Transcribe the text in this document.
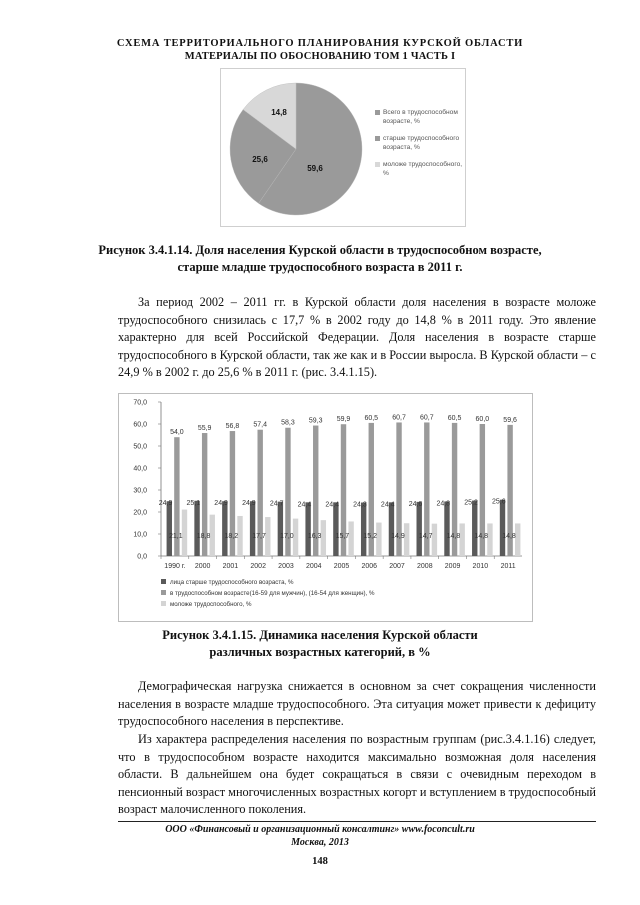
СХЕМА ТЕРРИТОРИАЛЬНОГО ПЛАНИРОВАНИЯ КУРСКОЙ ОБЛАСТИ
МАТЕРИАЛЫ ПО ОБОСНОВАНИЮ ТОМ 1 ЧАСТЬ I
59,6
25,6
14,8	Всего в трудоспособном возрасте, %
старше трудоспособного возраста, %
моложе трудоспособного, %
Рисунок 3.4.1.14. Доля населения Курской области в трудоспособном возрасте,
старше младше трудоспособного возраста в 2011 г.
За период 2002 – 2011 гг. в Курской области доля населения в возрасте моложе трудоспособного снизилась с 17,7 % в 2002 году до 14,8 % в 2011 году. Это явление характерно для всей Российской Федерации. Доля населения в возрасте старше трудоспособного в Курской области, так же как и в России выросла. В Курской области – с 24,9 % в 2002 г. до 25,6 % в 2011 г. (рис. 3.4.1.15).
0,0
10,0
20,0
30,0
40,0
50,0
60,0
70,0
1990 г. 2000 2001 2002 2003 2004 2005 2006 2007 2008 2009 2010 2011
24,9
54,0
21,1
25,1
55,9
18,8
24,9
56,8
18,2
24,9
57,4
17,7
24,7
58,3
17,0
24,4
59,3
16,3
24,4
59,9
15,7
24,3
60,5
15,2
24,4
60,7
14,9
24,6
60,7
14,7
24,8
60,5
14,8
25,2
60,0
14,8
25,6
59,6
14,8
лица старше трудоспособного возраста, %
в трудоспособном возрасте(16-59 для мужчин), (16-54 для женщин), %
моложе трудоспособного, %
Рисунок 3.4.1.15. Динамика населения Курской области
различных возрастных категорий, в %
Демографическая нагрузка снижается в основном за счет сокращения численности населения в возрасте младше трудоспособного. Эта ситуация может привести к дефициту трудоспособного населения в перспективе.
Из характера распределения населения по возрастным группам (рис.3.4.1.16) следует, что в трудоспособном возрасте находится максимально возможная доля населения области. В дальнейшем она будет сокращаться в связи с очевидным переходом в пенсионный возраст многочисленных возрастных когорт и вступлением в трудоспособный возраст малочисленного поколения.
ООО «Финансовый и организационный консалтинг» www.foconcult.ru
Москва, 2013
148
